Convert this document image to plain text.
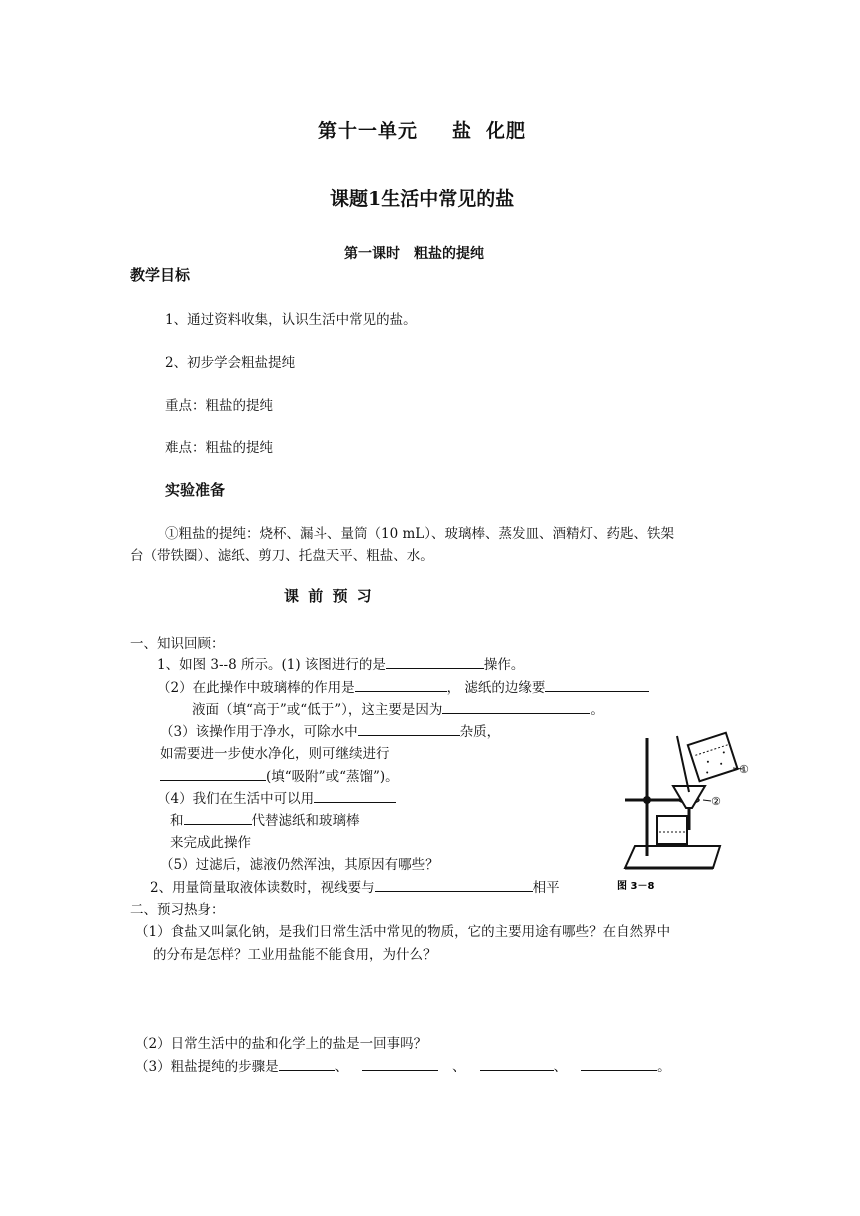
第十一单元 盐 化肥
课题1生活中常见的盐
第一课时 粗盐的提纯
教学目标
1、通过资料收集，认识生活中常见的盐。
2、初步学会粗盐提纯
重点：粗盐的提纯
难点：粗盐的提纯
实验准备
①粗盐的提纯：烧杯、漏斗、量筒（10 mL）、玻璃棒、蒸发皿、酒精灯、药匙、铁架
台（带铁圈）、滤纸、剪刀、托盘天平、粗盐、水。
课 前 预 习
一、知识回顾：
1、如图 3--8 所示。(1) 该图进行的是	操作。
（2）在此操作中玻璃棒的作用是	， 滤纸的边缘要
液面（填“高于”或“低于”），这主要是因为	。
（3）该操作用于净水，可除水中	杂质，
如需要进一步使水净化，则可继续进行
(填“吸附”或“蒸馏”)。
（4）我们在生活中可以用
和	代替滤纸和玻璃棒
来完成此操作
（5）过滤后，滤液仍然浑浊，其原因有哪些？
2、用量筒量取液体读数时，视线要与	相平
二、预习热身：
（1）食盐又叫氯化钠，是我们日常生活中常见的物质，它的主要用途有哪些？在自然界中
的分布是怎样？工业用盐能不能食用，为什么？
（2）日常生活中的盐和化学上的盐是一回事吗？
（3）粗盐提纯的步骤是	、	、	、	。
①
②
图 3－8
